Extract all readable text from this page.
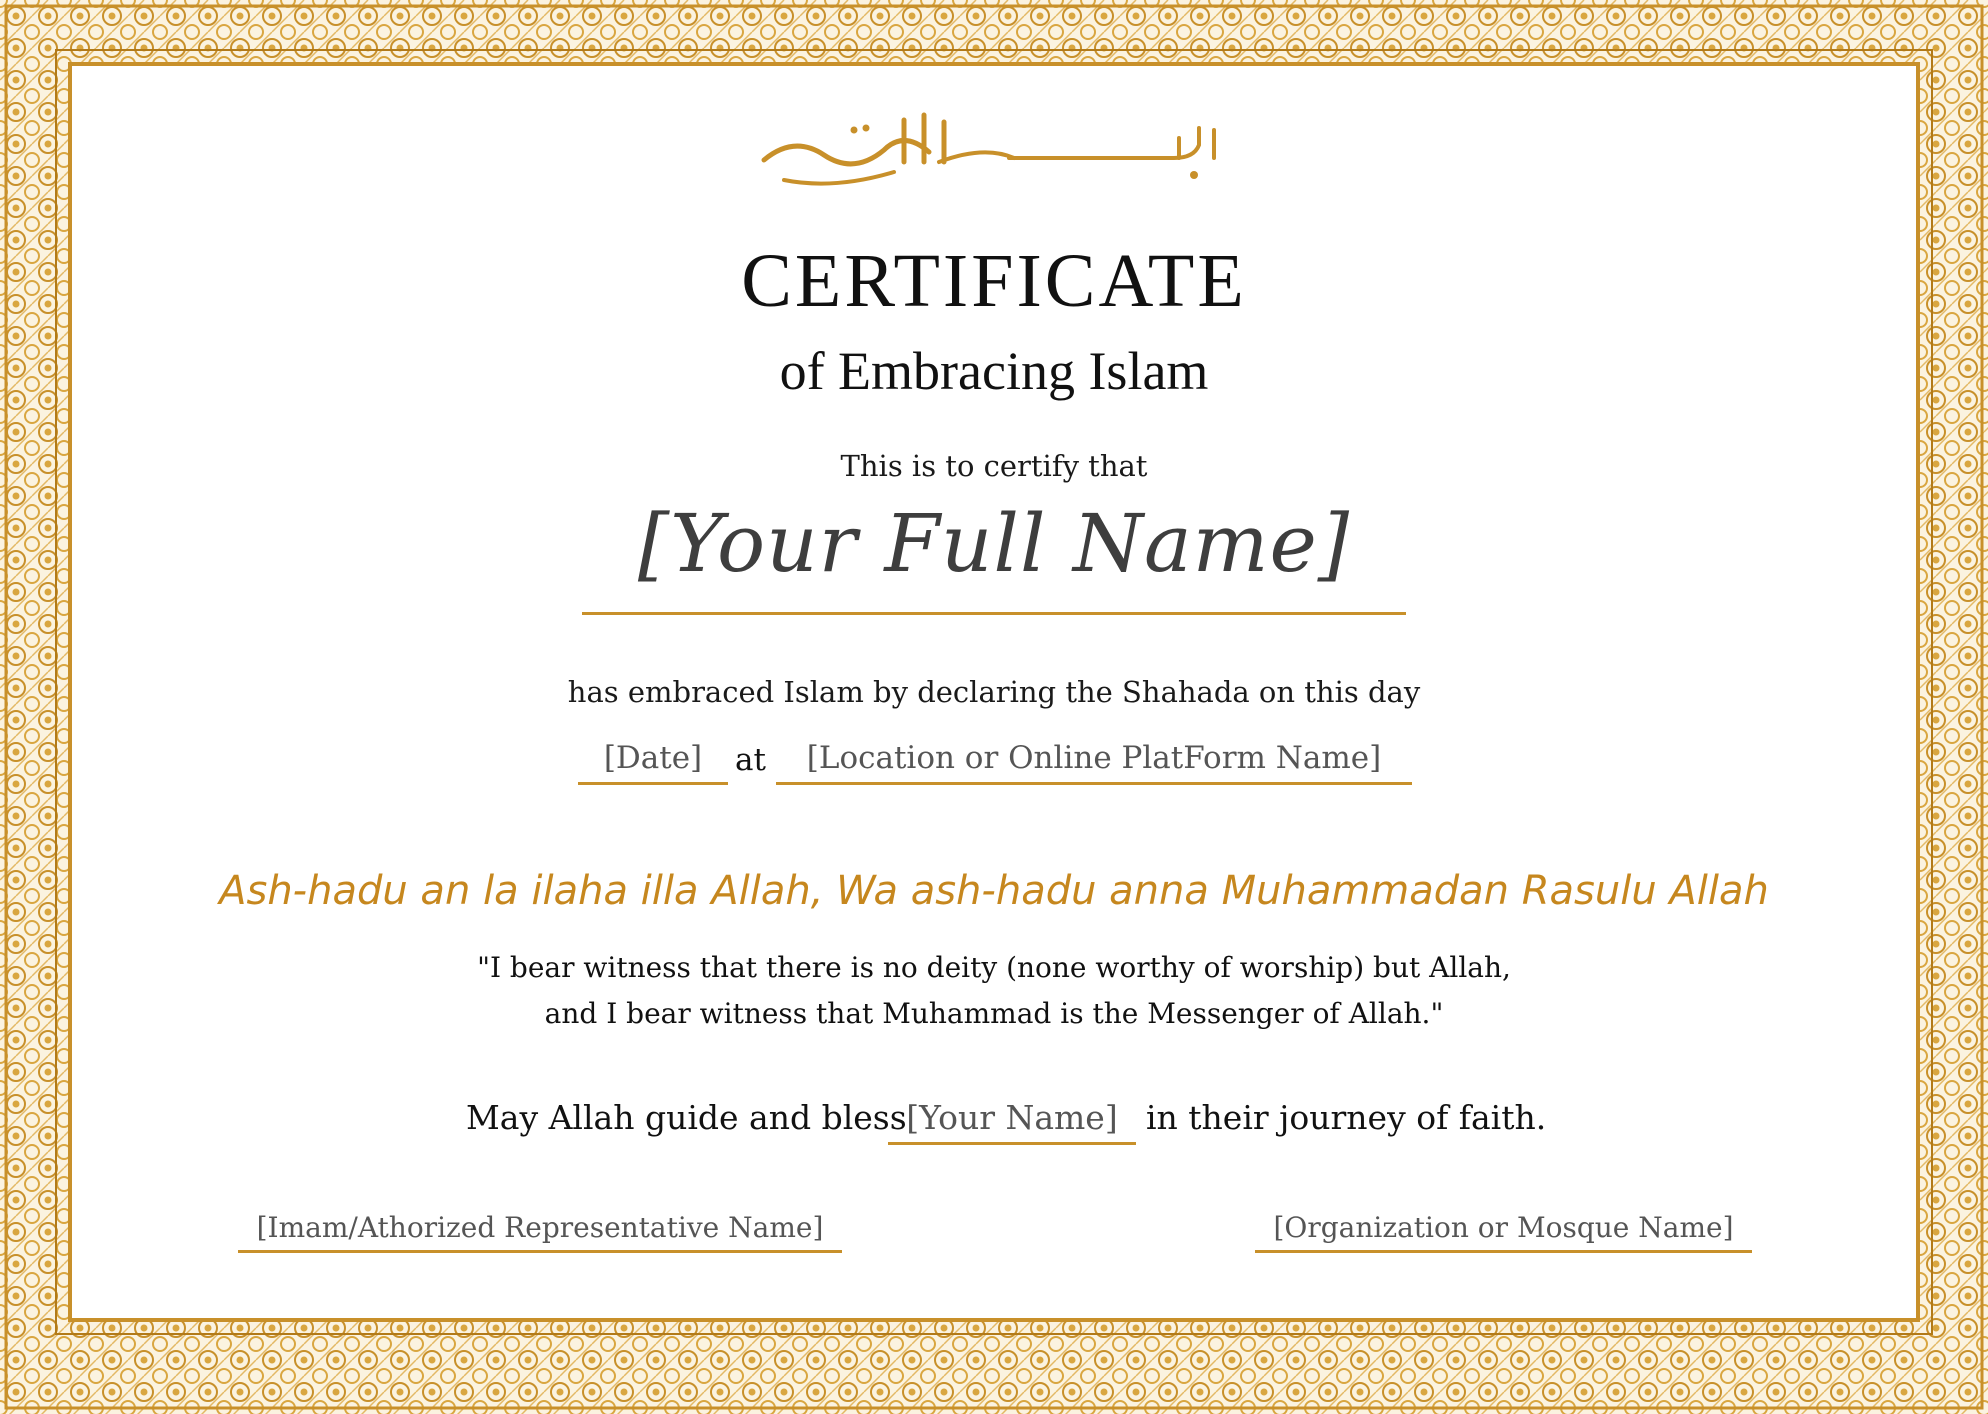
CERTIFICATE
of Embracing Islam
This is to certify that
[Your Full Name]
has embraced Islam by declaring the Shahada on this day
[Date]	at	[Location or Online PlatForm Name]
Ash-hadu an la ilaha illa Allah, Wa ash-hadu anna Muhammadan Rasulu Allah
"I bear witness that there is no deity (none worthy of worship) but Allah,
and I bear witness that Muhammad is the Messenger of Allah."
May Allah guide and bless [Your Name] in their journey of faith.
[Imam/Athorized Representative Name]	[Organization or Mosque Name]
